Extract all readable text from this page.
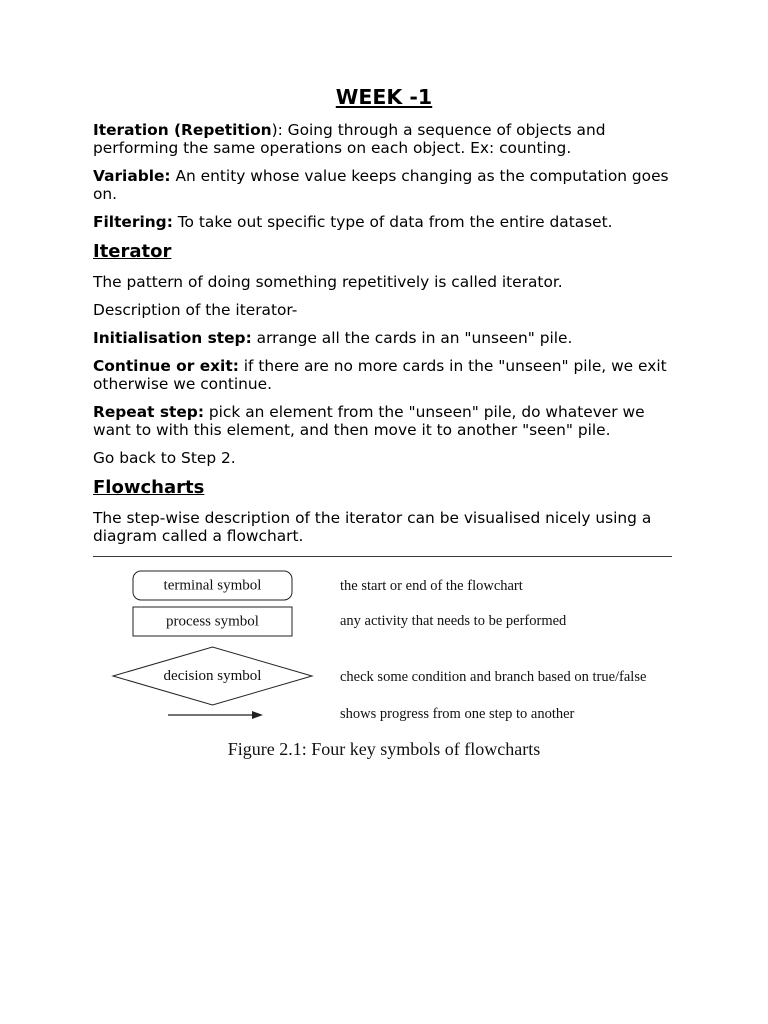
WEEK -1

Iteration (Repetition): Going through a sequence of objects and performing the same operations on each object. Ex: counting.

Variable: An entity whose value keeps changing as the computation goes on.

Filtering: To take out specific type of data from the entire dataset.

Iterator

The pattern of doing something repetitively is called iterator.

Description of the iterator-

Initialisation step: arrange all the cards in an "unseen" pile.

Continue or exit: if there are no more cards in the "unseen" pile, we exit otherwise we continue.

Repeat step: pick an element from the "unseen" pile, do whatever we want to with this element, and then move it to another "seen" pile.

Go back to Step 2.

Flowcharts

The step-wise description of the iterator can be visualised nicely using a diagram called a flowchart.

terminal symbol	the start or end of the flowchart
process symbol	any activity that needs to be performed
decision symbol	check some condition and branch based on true/false
shows progress from one step to another
Figure 2.1: Four key symbols of flowcharts
